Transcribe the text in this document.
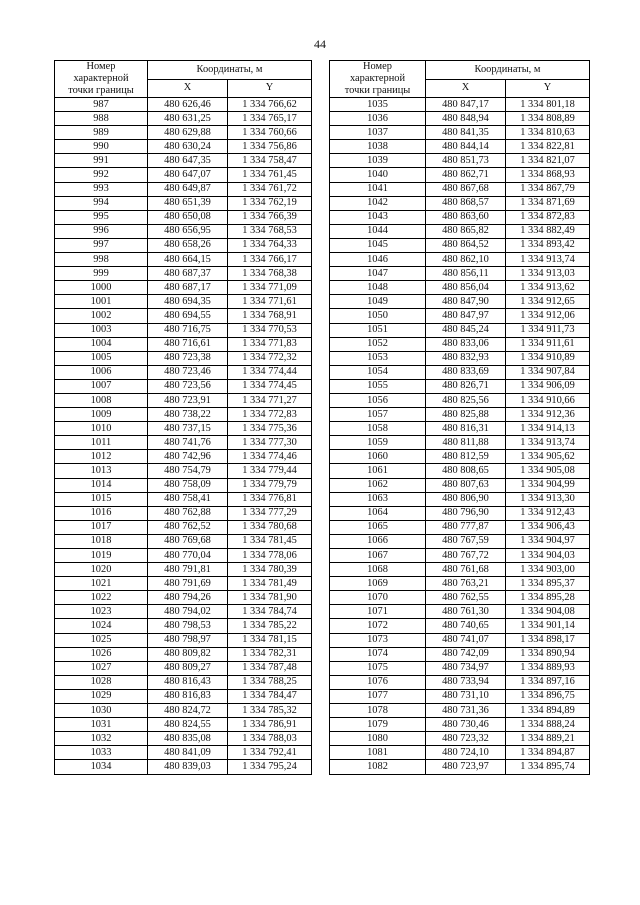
44
Номер
характерной
точки границы	Координаты, м	
	X	Y
987	480 626,46	1 334 766,62
988	480 631,25	1 334 765,17
989	480 629,88	1 334 760,66
990	480 630,24	1 334 756,86
991	480 647,35	1 334 758,47
992	480 647,07	1 334 761,45
993	480 649,87	1 334 761,72
994	480 651,39	1 334 762,19
995	480 650,08	1 334 766,39
996	480 656,95	1 334 768,53
997	480 658,26	1 334 764,33
998	480 664,15	1 334 766,17
999	480 687,37	1 334 768,38
1000	480 687,17	1 334 771,09
1001	480 694,35	1 334 771,61
1002	480 694,55	1 334 768,91
1003	480 716,75	1 334 770,53
1004	480 716,61	1 334 771,83
1005	480 723,38	1 334 772,32
1006	480 723,46	1 334 774,44
1007	480 723,56	1 334 774,45
1008	480 723,91	1 334 771,27
1009	480 738,22	1 334 772,83
1010	480 737,15	1 334 775,36
1011	480 741,76	1 334 777,30
1012	480 742,96	1 334 774,46
1013	480 754,79	1 334 779,44
1014	480 758,09	1 334 779,79
1015	480 758,41	1 334 776,81
1016	480 762,88	1 334 777,29
1017	480 762,52	1 334 780,68
1018	480 769,68	1 334 781,45
1019	480 770,04	1 334 778,06
1020	480 791,81	1 334 780,39
1021	480 791,69	1 334 781,49
1022	480 794,26	1 334 781,90
1023	480 794,02	1 334 784,74
1024	480 798,53	1 334 785,22
1025	480 798,97	1 334 781,15
1026	480 809,82	1 334 782,31
1027	480 809,27	1 334 787,48
1028	480 816,43	1 334 788,25
1029	480 816,83	1 334 784,47
1030	480 824,72	1 334 785,32
1031	480 824,55	1 334 786,91
1032	480 835,08	1 334 788,03
1033	480 841,09	1 334 792,41
1034	480 839,03	1 334 795,24
Номер
характерной
точки границы	Координаты, м	
	X	Y
1035	480 847,17	1 334 801,18
1036	480 848,94	1 334 808,89
1037	480 841,35	1 334 810,63
1038	480 844,14	1 334 822,81
1039	480 851,73	1 334 821,07
1040	480 862,71	1 334 868,93
1041	480 867,68	1 334 867,79
1042	480 868,57	1 334 871,69
1043	480 863,60	1 334 872,83
1044	480 865,82	1 334 882,49
1045	480 864,52	1 334 893,42
1046	480 862,10	1 334 913,74
1047	480 856,11	1 334 913,03
1048	480 856,04	1 334 913,62
1049	480 847,90	1 334 912,65
1050	480 847,97	1 334 912,06
1051	480 845,24	1 334 911,73
1052	480 833,06	1 334 911,61
1053	480 832,93	1 334 910,89
1054	480 833,69	1 334 907,84
1055	480 826,71	1 334 906,09
1056	480 825,56	1 334 910,66
1057	480 825,88	1 334 912,36
1058	480 816,31	1 334 914,13
1059	480 811,88	1 334 913,74
1060	480 812,59	1 334 905,62
1061	480 808,65	1 334 905,08
1062	480 807,63	1 334 904,99
1063	480 806,90	1 334 913,30
1064	480 796,90	1 334 912,43
1065	480 777,87	1 334 906,43
1066	480 767,59	1 334 904,97
1067	480 767,72	1 334 904,03
1068	480 761,68	1 334 903,00
1069	480 763,21	1 334 895,37
1070	480 762,55	1 334 895,28
1071	480 761,30	1 334 904,08
1072	480 740,65	1 334 901,14
1073	480 741,07	1 334 898,17
1074	480 742,09	1 334 890,94
1075	480 734,97	1 334 889,93
1076	480 733,94	1 334 897,16
1077	480 731,10	1 334 896,75
1078	480 731,36	1 334 894,89
1079	480 730,46	1 334 888,24
1080	480 723,32	1 334 889,21
1081	480 724,10	1 334 894,87
1082	480 723,97	1 334 895,74
